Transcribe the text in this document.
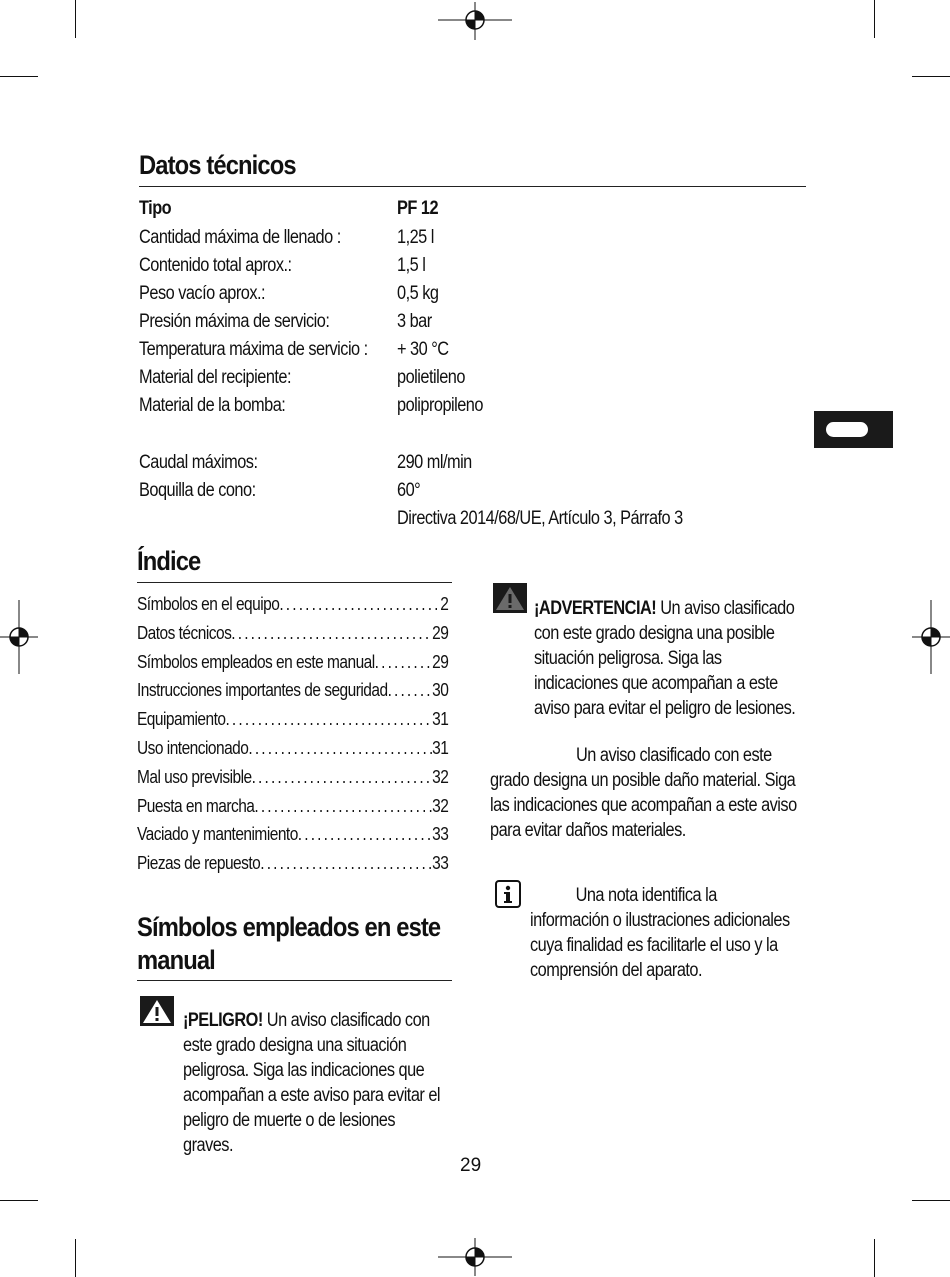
Datos técnicos
Tipo	PF 12
Cantidad máxima de llenado :	1,25 l
Contenido total aprox.:	1,5 l
Peso vacío aprox.:	0,5 kg
Presión máxima de servicio:	3 bar
Temperatura máxima de servicio : + 30 °C
Material del recipiente:	polietileno
Material de la bomba:	polipropileno
Caudal máximos:	290 ml/min
Boquilla de cono:	60°
Directiva 2014/68/UE, Artículo 3, Párrafo 3
Índice
Símbolos en el equipo .....	2
Datos técnicos .....	29
Símbolos empleados en este manual .....	29
Instrucciones importantes de seguridad ..... 30
Equipamiento .....	31
Uso intencionado .....	31
Mal uso previsible .....	32
Puesta en marcha .....	32
Vaciado y mantenimiento .....	33
Piezas de repuesto .....	33
Símbolos empleados en este
manual
¡PELIGRO! Un aviso clasificado con este grado designa una situación peligrosa. Siga las indicaciones que acompañan a este aviso para evitar el peligro de muerte o de lesiones graves.
¡ADVERTENCIA! Un aviso clasificado con este grado designa una posible situación peligrosa. Siga las indicaciones que acompañan a este aviso para evitar el peligro de lesiones.
Un aviso clasificado con este
grado designa un posible daño material. Siga las indicaciones que acompañan a este aviso para evitar daños materiales.
Una nota identifica la información o ilustraciones adicionales cuya finalidad es facilitarle el uso y la comprensión del aparato.
29
